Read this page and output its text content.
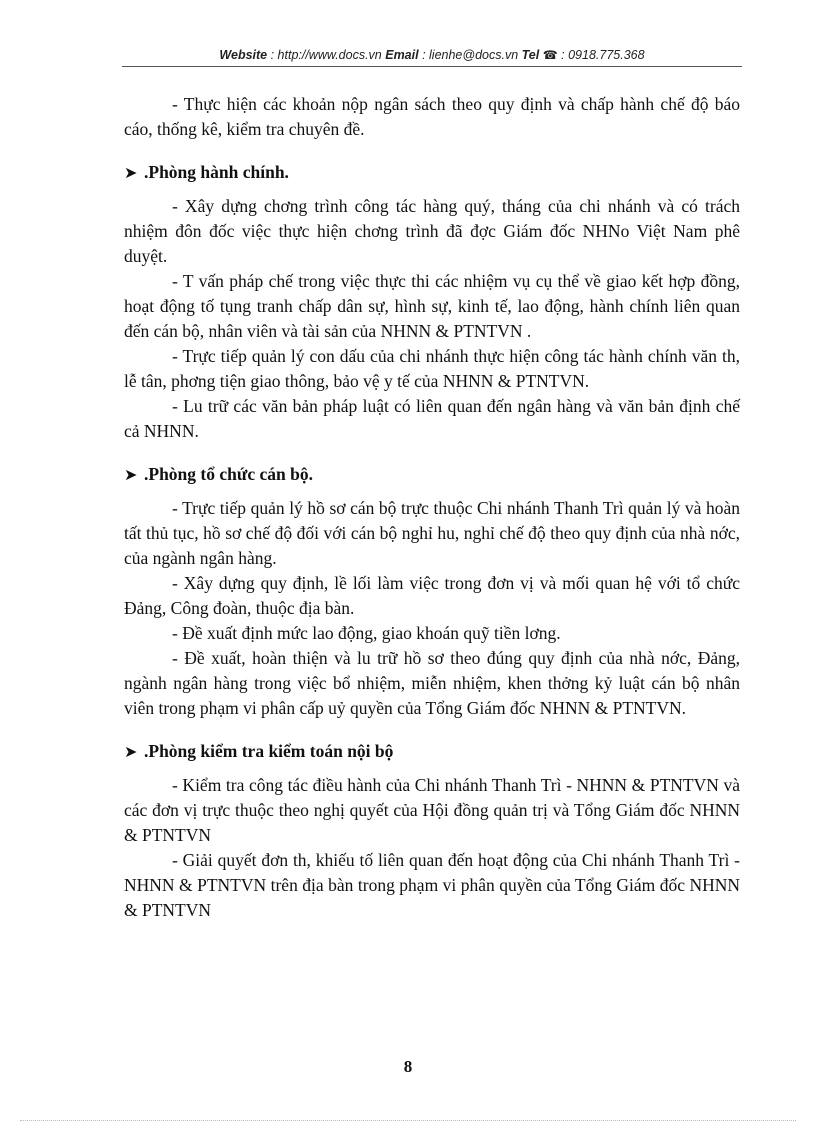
Website : http://www.docs.vn Email : lienhe@docs.vn Tel ☎ : 0918.775.368

- Thực hiện các khoản nộp ngân sách theo quy định và chấp hành chế độ báo cáo, thống kê, kiểm tra chuyên đề.

➤ .Phòng hành chính.

- Xây dựng chơng trình công tác hàng quý, tháng của chi nhánh và có trách nhiệm đôn đốc việc thực hiện chơng trình đã đợc Giám đốc NHNo Việt Nam phê duyệt.

- T vấn pháp chế trong việc thực thi các nhiệm vụ cụ thể về giao kết hợp đồng, hoạt động tố tụng tranh chấp dân sự, hình sự, kinh tế, lao động, hành chính liên quan đến cán bộ, nhân viên và tài sản của NHNN & PTNTVN .

- Trực tiếp quản lý con dấu của chi nhánh thực hiện công tác hành chính văn th, lễ tân, phơng tiện giao thông, bảo vệ y tế của NHNN & PTNTVN.

- Lu trữ các văn bản pháp luật có liên quan đến ngân hàng và văn bản định chế cả NHNN.

➤ .Phòng tổ chức cán bộ.

- Trực tiếp quản lý hồ sơ cán bộ trực thuộc Chi nhánh Thanh Trì quản lý và hoàn tất thủ tục, hồ sơ chế độ đối với cán bộ nghỉ hu, nghỉ chế độ theo quy định của nhà nớc, của ngành ngân hàng.

- Xây dựng quy định, lề lối làm việc trong đơn vị và mối quan hệ với tổ chức Đảng, Công đoàn, thuộc địa bàn.

- Đề xuất định mức lao động, giao khoán quỹ tiền lơng.

- Đề xuất, hoàn thiện và lu trữ hồ sơ theo đúng quy định của nhà nớc, Đảng, ngành ngân hàng trong việc bổ nhiệm, miễn nhiệm, khen thởng kỷ luật cán bộ nhân viên trong phạm vi phân cấp uỷ quyền của Tổng Giám đốc NHNN & PTNTVN.

➤ .Phòng kiểm tra kiểm toán nội bộ

- Kiểm tra công tác điều hành của Chi nhánh Thanh Trì - NHNN & PTNTVN và các đơn vị trực thuộc theo nghị quyết của Hội đồng quản trị và Tổng Giám đốc NHNN & PTNTVN

- Giải quyết đơn th, khiếu tố liên quan đến hoạt động của Chi nhánh Thanh Trì - NHNN & PTNTVN trên địa bàn trong phạm vi phân quyền của Tổng Giám đốc NHNN & PTNTVN

8
